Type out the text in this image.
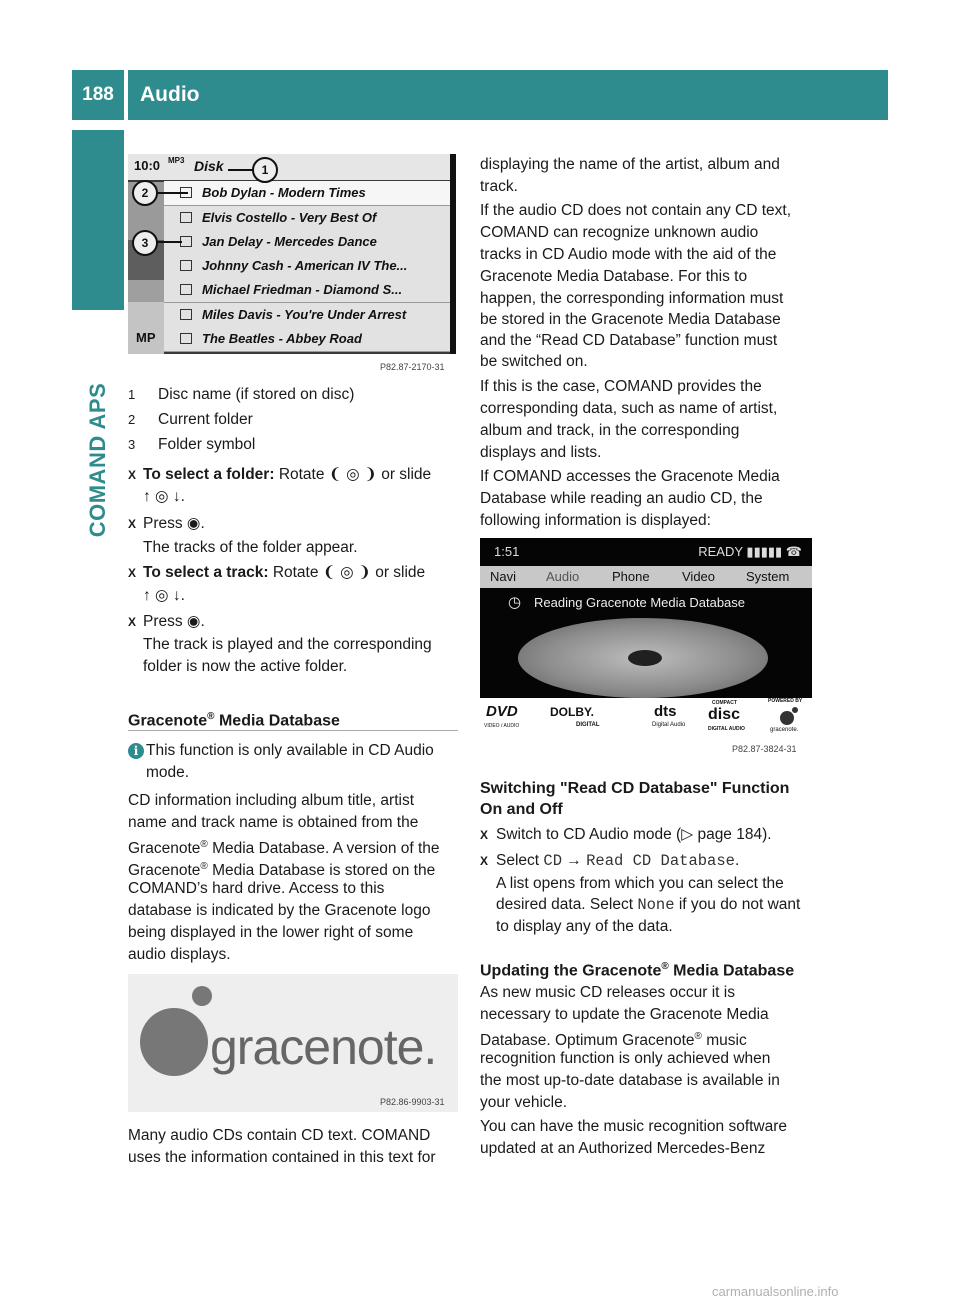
188	Audio
COMAND APS
10:0 MP3 Disk
Bob Dylan - Modern Times
Elvis Costello - Very Best Of
Jan Delay - Mercedes Dance
Johnny Cash - American IV The...
Michael Friedman - Diamond S...
Miles Davis - You're Under Arrest
The Beatles - Abbey Road
MP
1
2
3
P82.87-2170-31
1 Disc name (if stored on disc)
2 Current folder
3 Folder symbol
X To select a folder: Rotate ❨ ◎ ❩ or slide
↑ ◎ ↓.
X Press ◉.
The tracks of the folder appear.
X To select a track: Rotate ❨ ◎ ❩ or slide
↑ ◎ ↓.
X Press ◉.
The track is played and the corresponding
folder is now the active folder.
Gracenote® Media Database
i This function is only available in CD Audio
mode.
CD information including album title, artist
name and track name is obtained from the
Gracenote® Media Database. A version of the
Gracenote® Media Database is stored on the
COMAND’s hard drive. Access to this
database is indicated by the Gracenote logo
being displayed in the lower right of some
audio displays.
gracenote.
P82.86-9903-31
Many audio CDs contain CD text. COMAND
uses the information contained in this text for
displaying the name of the artist, album and
track.
If the audio CD does not contain any CD text,
COMAND can recognize unknown audio
tracks in CD Audio mode with the aid of the
Gracenote Media Database. For this to
happen, the corresponding information must
be stored in the Gracenote Media Database
and the “Read CD Database” function must
be switched on.
If this is the case, COMAND provides the
corresponding data, such as name of artist,
album and track, in the corresponding
displays and lists.
If COMAND accesses the Gracenote Media
Database while reading an audio CD, the
following information is displayed:
1:51	READY ▮▮▮▮▮ ☎
Navi Audio	Phone Video System
◷ Reading Gracenote Media Database
DVD
VIDEO / AUDIO
DOLBY.
DIGITAL
dts
Digital Audio
COMPACT
disc
DIGITAL AUDIO
POWERED BY
gracenote.
P82.87-3824-31
Switching "Read CD Database" Function
On and Off
X Switch to CD Audio mode (▷ page 184).
X Select CD → Read CD Database.
A list opens from which you can select the
desired data. Select None if you do not want
to display any of the data.
Updating the Gracenote® Media Database
As new music CD releases occur it is
necessary to update the Gracenote Media
Database. Optimum Gracenote® music
recognition function is only achieved when
the most up-to-date database is available in
your vehicle.
You can have the music recognition software
updated at an Authorized Mercedes-Benz
carmanualsonline.info
